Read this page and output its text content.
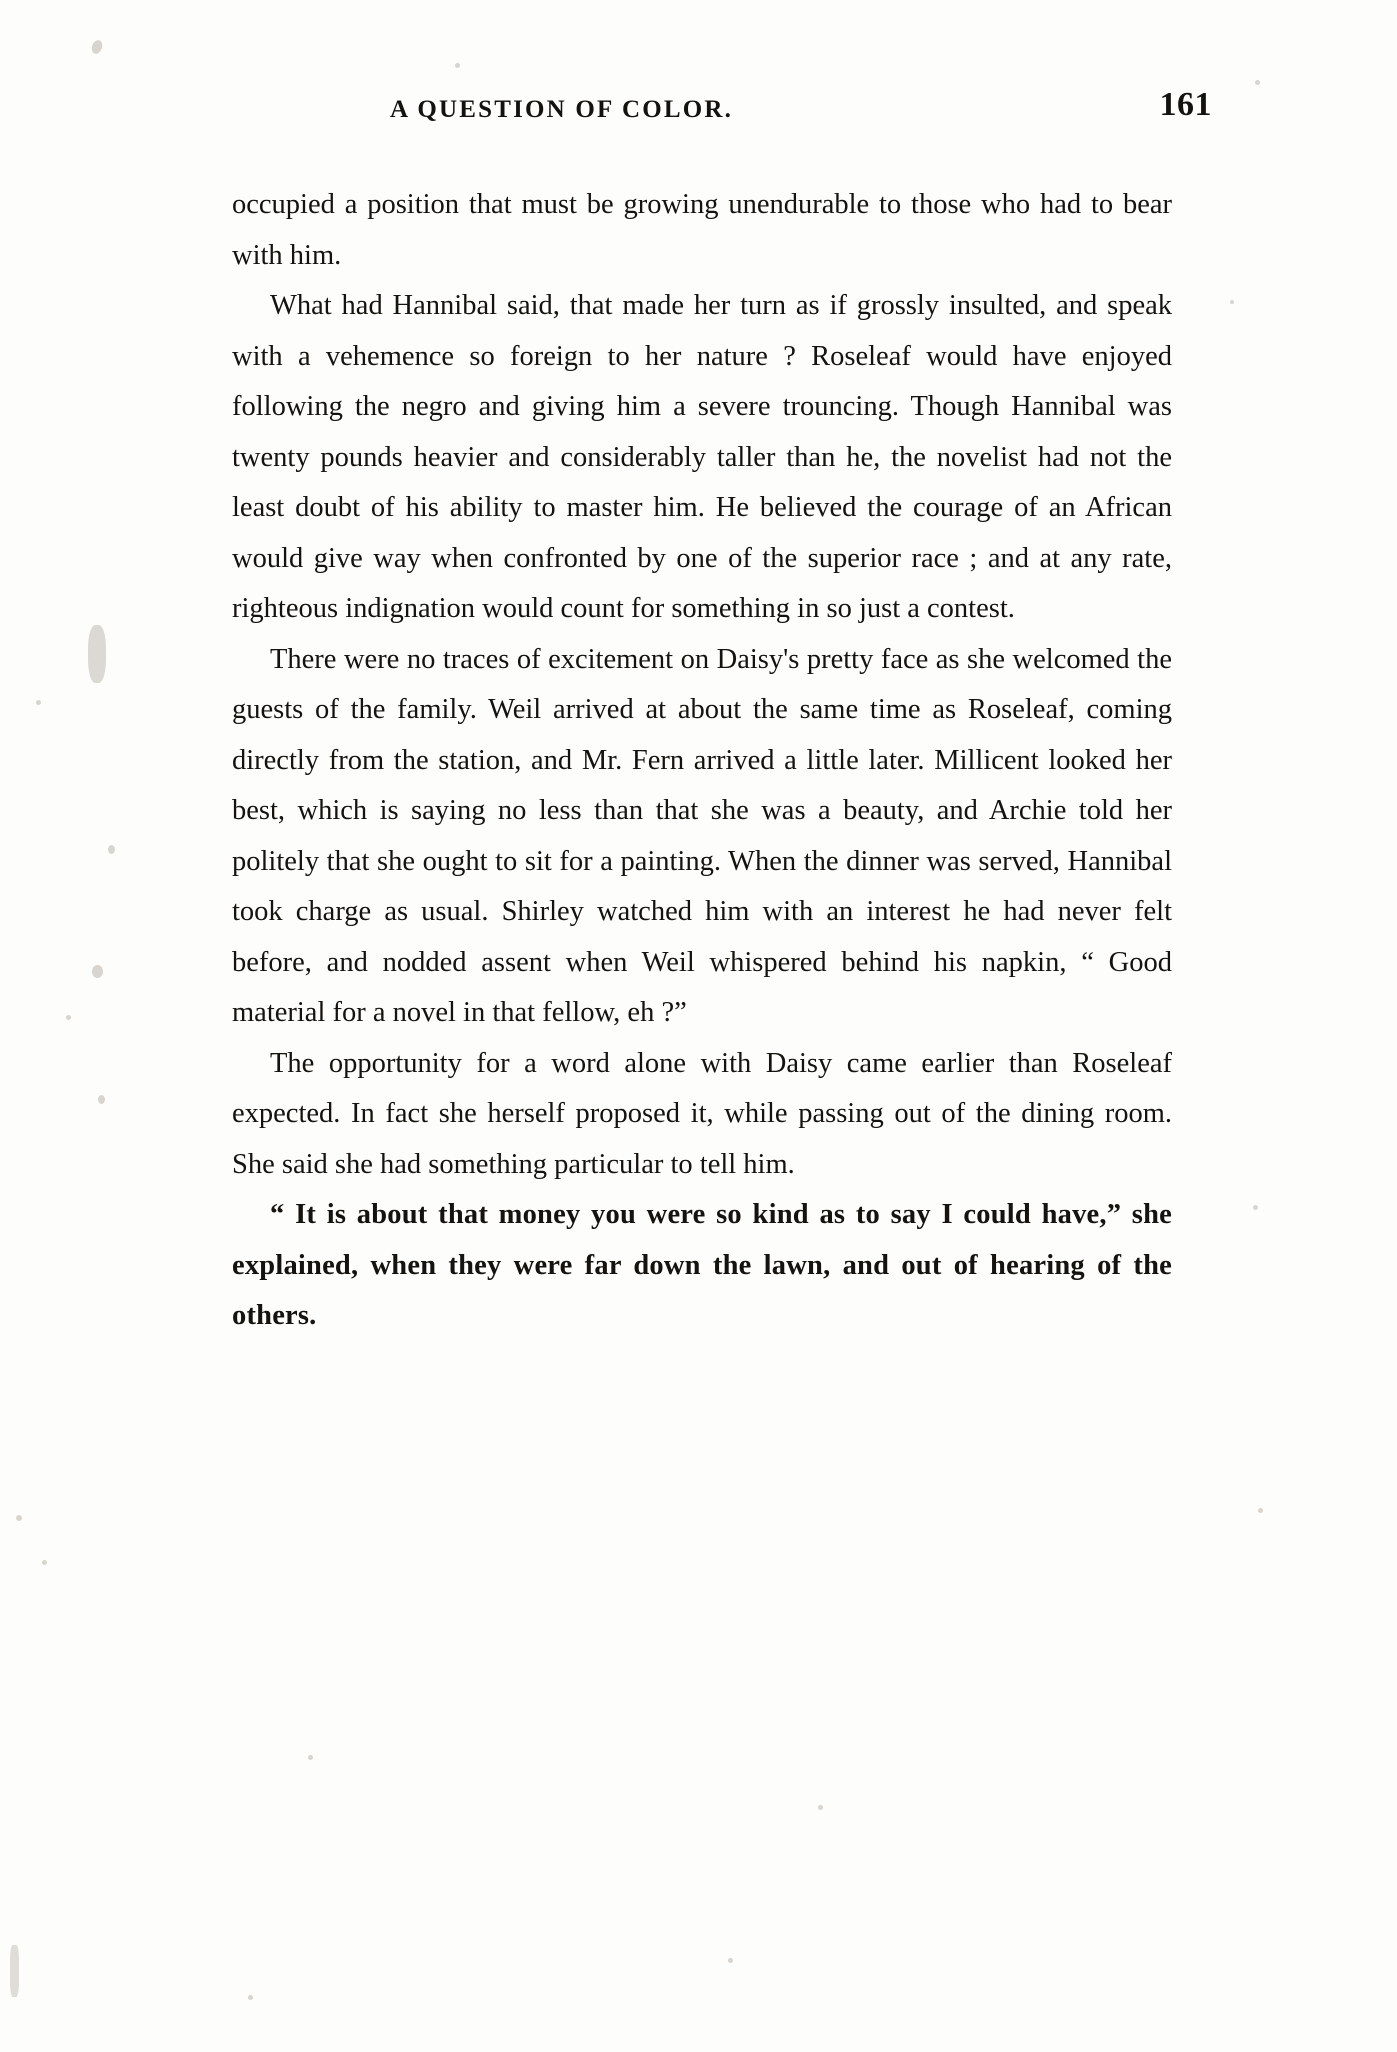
A QUESTION OF COLOR.	161

occupied a position that must be growing unendurable to those who had to bear with him.

What had Hannibal said, that made her turn as if grossly insulted, and speak with a vehemence so foreign to her nature ? Roseleaf would have enjoyed following the negro and giving him a severe trouncing. Though Hannibal was twenty pounds heavier and considerably taller than he, the novelist had not the least doubt of his ability to master him. He believed the courage of an African would give way when confronted by one of the superior race ; and at any rate, righteous indignation would count for something in so just a contest.

There were no traces of excitement on Daisy's pretty face as she welcomed the guests of the family. Weil arrived at about the same time as Roseleaf, coming directly from the station, and Mr. Fern arrived a little later. Millicent looked her best, which is saying no less than that she was a beauty, and Archie told her politely that she ought to sit for a painting. When the dinner was served, Hannibal took charge as usual. Shirley watched him with an interest he had never felt before, and nodded assent when Weil whispered behind his napkin, “ Good material for a novel in that fellow, eh ?”

The opportunity for a word alone with Daisy came earlier than Roseleaf expected. In fact she herself proposed it, while passing out of the dining room. She said she had something particular to tell him.

“ It is about that money you were so kind as to say I could have,” she explained, when they were far down the lawn, and out of hearing of the others.
